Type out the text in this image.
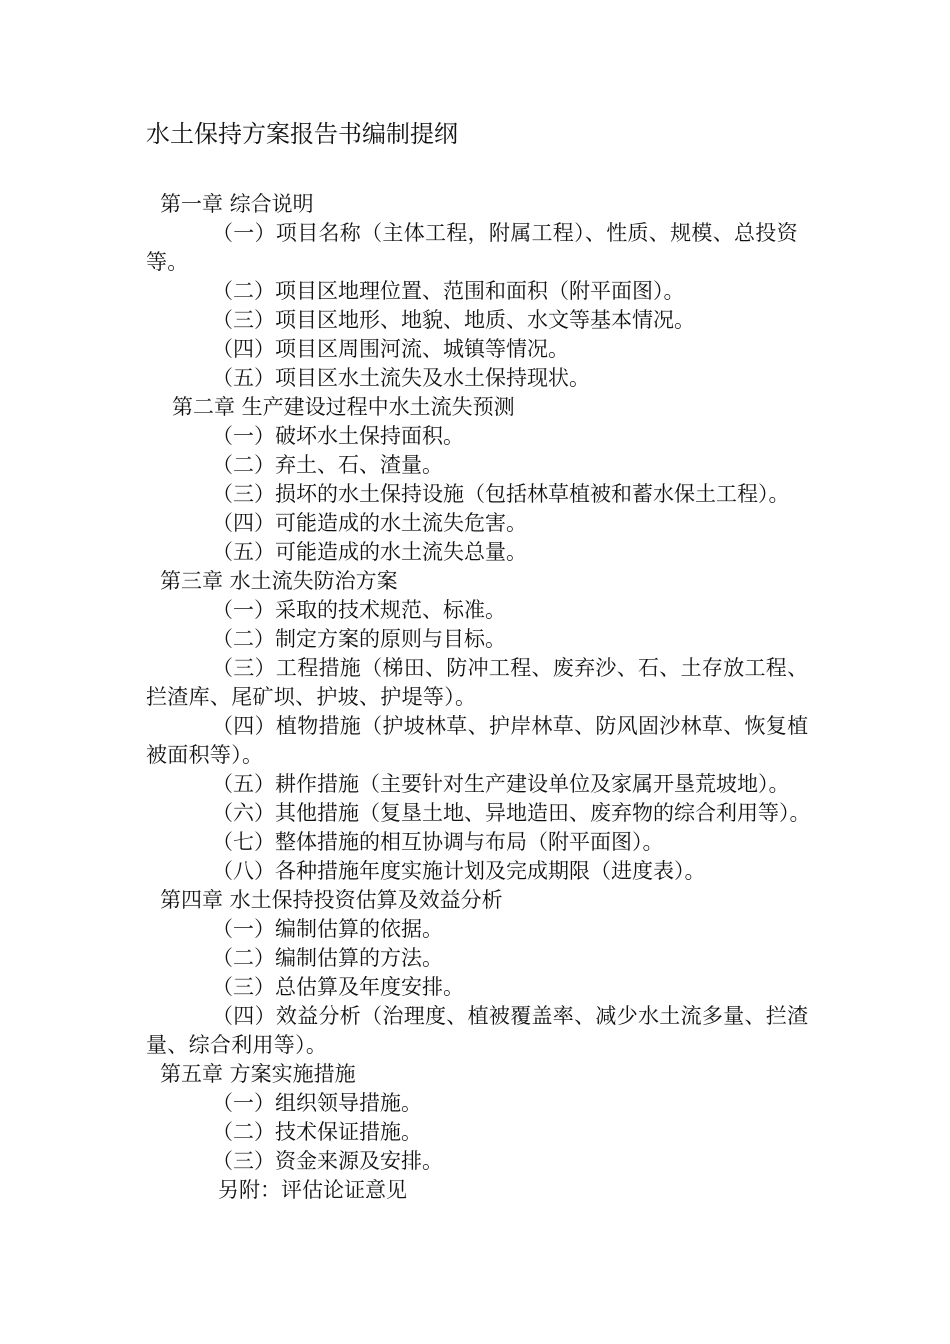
水土保持方案报告书编制提纲
第一章 综合说明
（一）项目名称（主体工程，附属工程）、性质、规模、总投资等。
（二）项目区地理位置、范围和面积（附平面图）。
（三）项目区地形、地貌、地质、水文等基本情况。
（四）项目区周围河流、城镇等情况。
（五）项目区水土流失及水土保持现状。
第二章 生产建设过程中水土流失预测
（一）破坏水土保持面积。
（二）弃土、石、渣量。
（三）损坏的水土保持设施（包括林草植被和蓄水保土工程）。
（四）可能造成的水土流失危害。
（五）可能造成的水土流失总量。
第三章 水土流失防治方案
（一）采取的技术规范、标准。
（二）制定方案的原则与目标。
（三）工程措施（梯田、防冲工程、废弃沙、石、土存放工程、拦渣库、尾矿坝、护坡、护堤等）。
（四）植物措施（护坡林草、护岸林草、防风固沙林草、恢复植被面积等）。
（五）耕作措施（主要针对生产建设单位及家属开垦荒坡地）。
（六）其他措施（复垦土地、异地造田、废弃物的综合利用等）。
（七）整体措施的相互协调与布局（附平面图）。
（八）各种措施年度实施计划及完成期限（进度表）。
第四章 水土保持投资估算及效益分析
（一）编制估算的依据。
（二）编制估算的方法。
（三）总估算及年度安排。
（四）效益分析（治理度、植被覆盖率、减少水土流多量、拦渣量、综合利用等）。
第五章 方案实施措施
（一）组织领导措施。
（二）技术保证措施。
（三）资金来源及安排。
另附：评估论证意见
